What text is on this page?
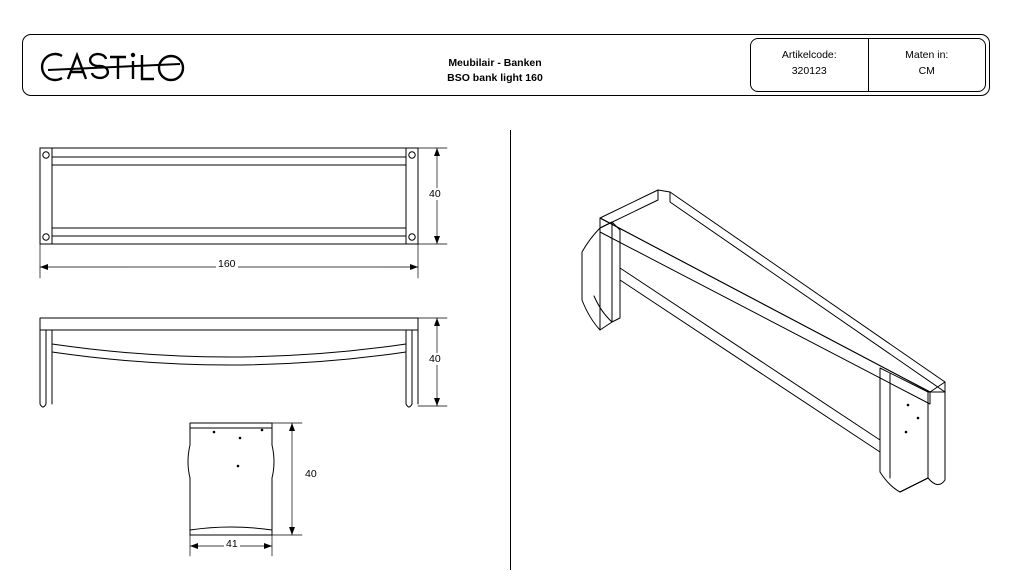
Meubilair - Banken
BSO bank light 160
Artikelcode:
320123
Maten in:
CM
40
160
40
40
41
